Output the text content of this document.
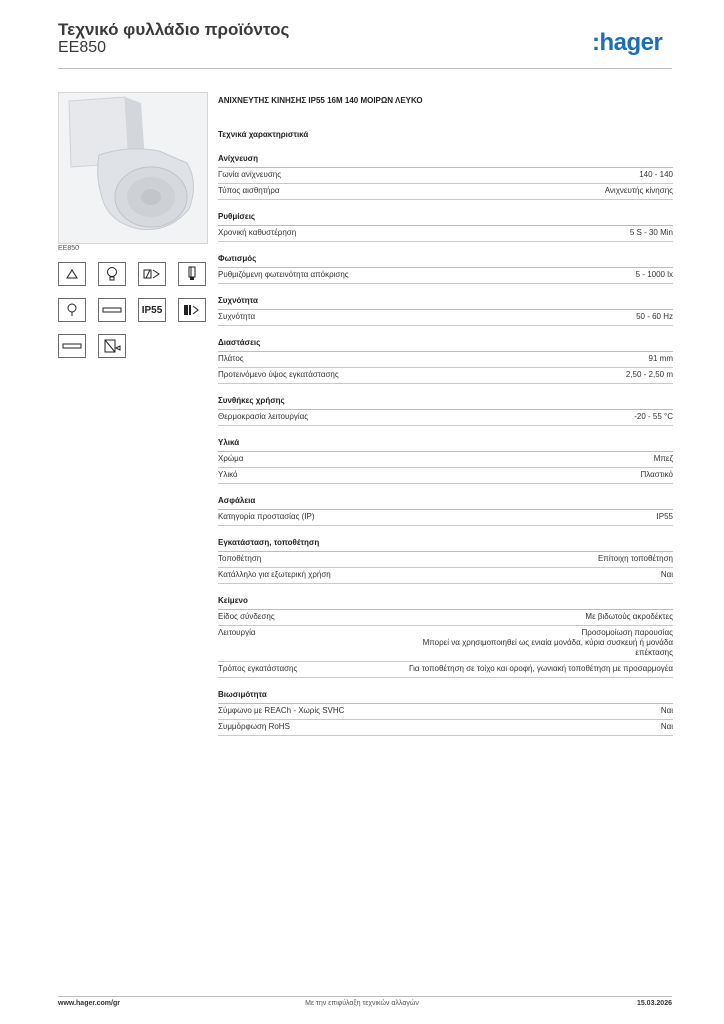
Τεχνικό φυλλάδιο προϊόντος
EE850	:hager
EE850
IP55
ΑΝΙΧΝΕΥΤΗΣ ΚΙΝΗΣΗΣ IP55 16M 140 ΜΟΙΡΩΝ ΛΕΥΚΟ
Τεχνικά χαρακτηριστικά
Ανίχνευση
Γωνία ανίχνευσης	140 - 140
Τύπος αισθητήρα	Ανιχνευτής κίνησης
Ρυθμίσεις
Χρονική καθυστέρηση	5 S - 30 Min
Φωτισμός
Ρυθμιζόμενη φωτεινότητα απόκρισης	5 - 1000 lx
Συχνότητα
Συχνότητα	50 - 60 Hz
Διαστάσεις
Πλάτος	91 mm
Προτεινόμενο ύψος εγκατάστασης	2,50 - 2,50 m
Συνθήκες χρήσης
Θερμοκρασία λειτουργίας	-20 - 55 °C
Υλικά
Χρώμα	Μπεζ
Υλικό	Πλαστικό
Ασφάλεια
Κατηγορία προστασίας (IP)	IP55
Εγκατάσταση, τοποθέτηση
Τοποθέτηση	Επίτοιχη τοποθέτηση
Κατάλληλο για εξωτερική χρήση	Ναι
Κείμενο
Είδος σύνδεσης	Με βιδωτούς ακροδέκτες
Λειτουργία	Προσομοίωση παρουσίας
Μπορεί να χρησιμοποιηθεί ως ενιαία μονάδα, κύρια συσκευή ή μονάδα επέκτασης
Τρόπος εγκατάστασης	Για τοποθέτηση σε τοίχο και οροφή, γωνιακή τοποθέτηση με προσαρμογέα
Βιωσιμότητα
Σύμφωνο με REACh - Χωρίς SVHC	Ναι
Συμμόρφωση RoHS	Ναι
www.hager.com/gr	Με την επιφύλαξη τεχνικών αλλαγών	15.03.2026
